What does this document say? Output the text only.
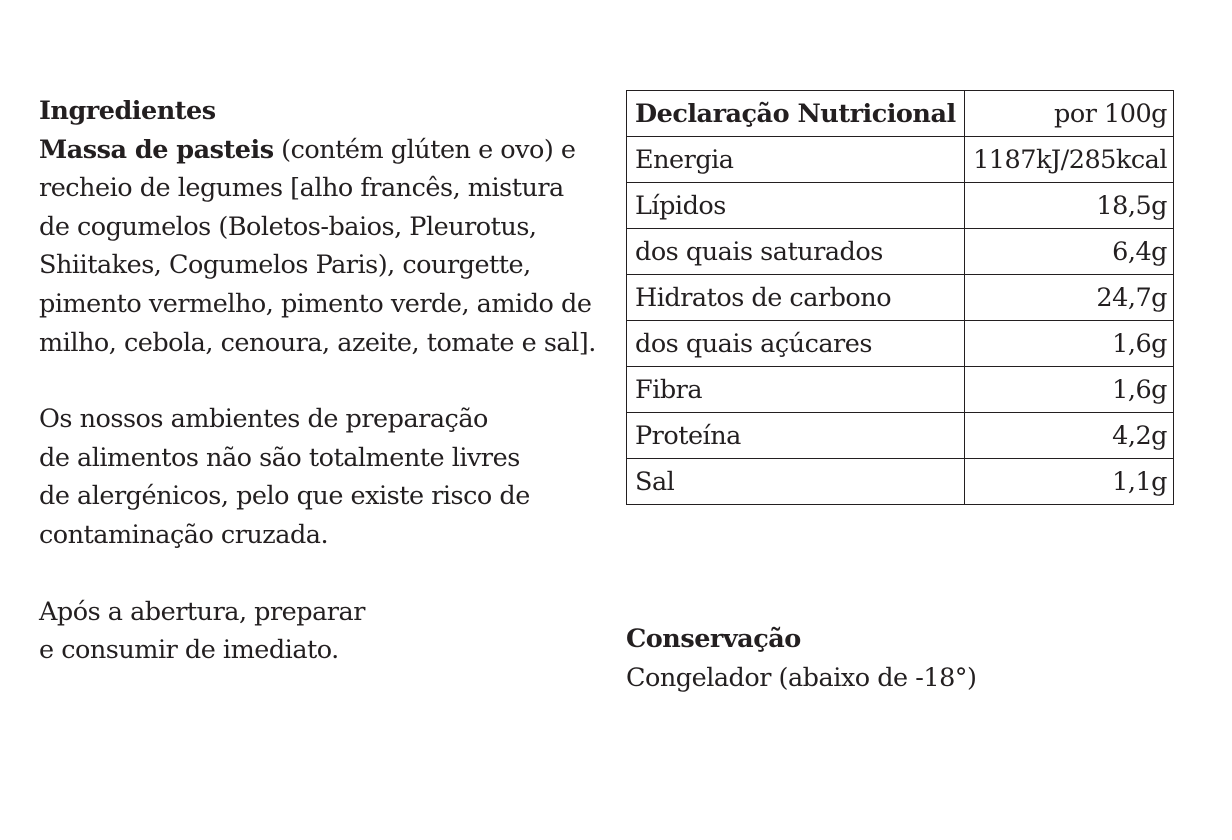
Ingredientes

Massa de pasteis (contém glúten e ovo) e recheio de legumes [alho francês, mistura de cogumelos (Boletos-baios, Pleurotus, Shiitakes, Cogumelos Paris), courgette, pimento vermelho, pimento verde, amido de milho, cebola, cenoura, azeite, tomate e sal].

Os nossos ambientes de preparação
de alimentos não são totalmente livres
de alergénicos, pelo que existe risco de
contaminação cruzada.

Após a abertura, preparar
e consumir de imediato.

Declaração Nutricional	por 100g
Energia	1187kJ/285kcal
Lípidos	18,5g
dos quais saturados	6,4g
Hidratos de carbono	24,7g
dos quais açúcares	1,6g
Fibra	1,6g
Proteína	4,2g
Sal	1,1g

Conservação

Congelador (abaixo de -18°)
